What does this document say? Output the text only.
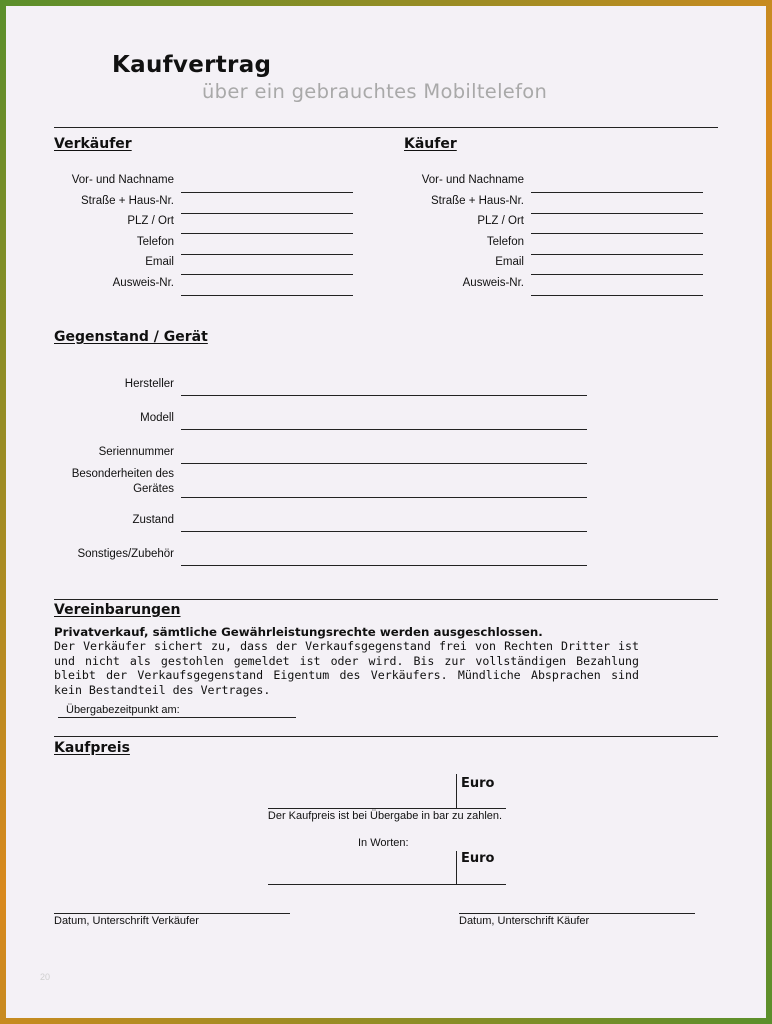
Kaufvertrag
über ein gebrauchtes Mobiltelefon
Verkäufer
Vor- und Nachname
Straße + Haus-Nr.
PLZ / Ort
Telefon
Email
Ausweis-Nr.
Käufer
Vor- und Nachname
Straße + Haus-Nr.
PLZ / Ort
Telefon
Email
Ausweis-Nr.
Gegenstand / Gerät
Hersteller
Modell
Seriennummer
Besonderheiten des
Gerätes
Zustand
Sonstiges/Zubehör
Vereinbarungen
Privatverkauf, sämtliche Gewährleistungsrechte werden ausgeschlossen.
Der Verkäufer sichert zu, dass der Verkaufsgegenstand frei von Rechten Dritter ist und nicht als gestohlen gemeldet ist oder wird. Bis zur vollständigen Bezahlung bleibt der Verkaufsgegenstand Eigentum des Verkäufers. Mündliche Absprachen sind kein Bestandteil des Vertrages.
Übergabezeitpunkt am:
Kaufpreis
Euro
Der Kaufpreis ist bei Übergabe in bar zu zahlen.
In Worten:
Euro
Datum, Unterschrift Verkäufer	Datum, Unterschrift Käufer
20
